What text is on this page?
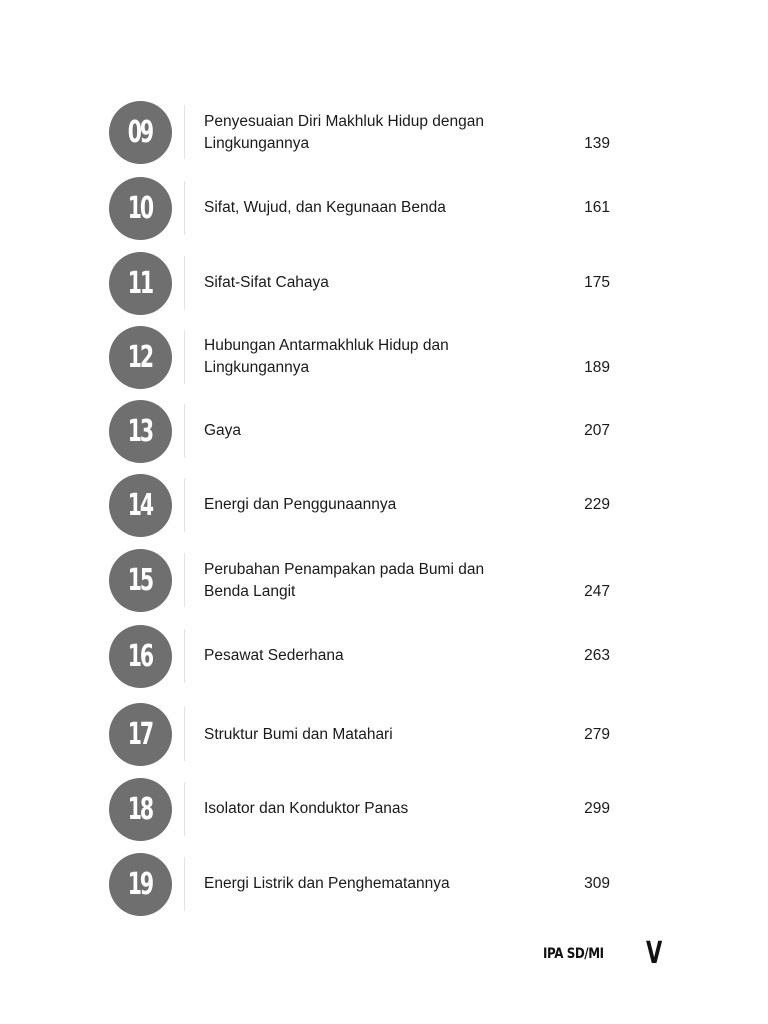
09	Penyesuaian Diri Makhluk Hidup dengan
Lingkungannya	139
10	Sifat, Wujud, dan Kegunaan Benda	161
11	Sifat-Sifat Cahaya	175
12	Hubungan Antarmakhluk Hidup dan
Lingkungannya	189
13	Gaya	207
14	Energi dan Penggunaannya	229
15	Perubahan Penampakan pada Bumi dan
Benda Langit	247
16	Pesawat Sederhana	263
17	Struktur Bumi dan Matahari	279
18	Isolator dan Konduktor Panas	299
19	Energi Listrik dan Penghematannya	309
IPA SD/MI V
